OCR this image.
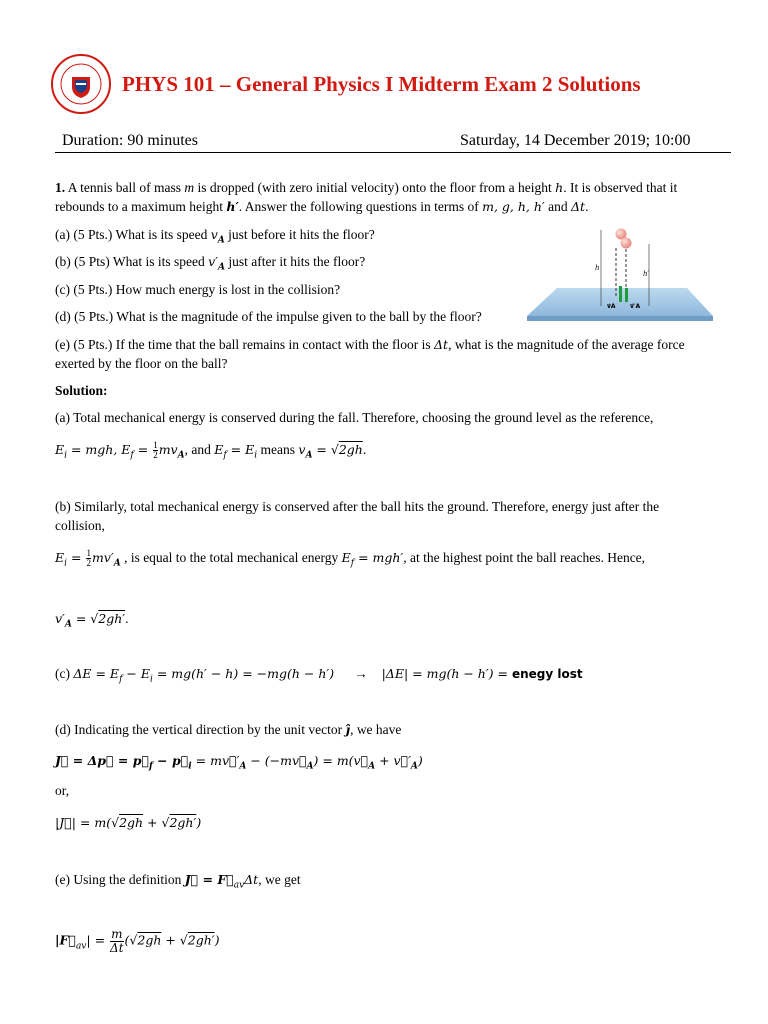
PHYS 101 – General Physics I Midterm Exam 2 Solutions
Duration: 90 minutes	Saturday, 14 December 2019; 10:00
1. A tennis ball of mass m is dropped (with zero initial velocity) onto the floor from a height h. It is observed that it
rebounds to a maximum height h′. Answer the following questions in terms of m, g, h, h′ and Δt.
(a) (5 Pts.) What is its speed $v_A$ just before it hits the floor?
(b) (5 Pts) What is its speed $v'_A$ just after it hits the floor?
(c) (5 Pts.) How much energy is lost in the collision?
(d) (5 Pts.) What is the magnitude of the impulse given to the ball by the floor?
(e) (5 Pts.) If the time that the ball remains in contact with the floor is Δt, what is the magnitude of the average force
exerted by the floor on the ball?
h
h′
v⃗A v⃗′A
Solution:
(a) Total mechanical energy is conserved during the fall. Therefore, choosing the ground level as the reference,
$E_i$ = mgh, $E_f = \frac{1}{2} mv_A$, and $E_f = E_i$ means $v_A = √2gh$.
(b) Similarly, total mechanical energy is conserved after the ball hits the ground. Therefore, energy just after the
collision,
$E_i = \frac{1}{2} mv'_A$ , is equal to the total mechanical energy $E_f = mgh'$, at the highest point the ball reaches. Hence,
$v'_A = √2gh'$.
(c) $\Delta E = E_f - E_i = mg(h' - h) = -mg(h - h') \to |\Delta E| = mg(h - h')$ = enegy lost
(d) Indicating the vertical direction by the unit vector ĵ, we have
J⃗ = Δp⃗ = $p⃗_f$ − $p⃗_i$ = $mv⃗'_A$ − $(-mv⃗_A)$ = $m(v⃗_A$ + $v⃗'_A$)
or,
|J⃗| = m(√2gh + √2gh′)
(e) Using the definition J⃗ = $F⃗_{av}\Delta t$, we get
$|F⃗_{av}| = \frac{m}{\Delta t} (√2gh + √2gh')$
